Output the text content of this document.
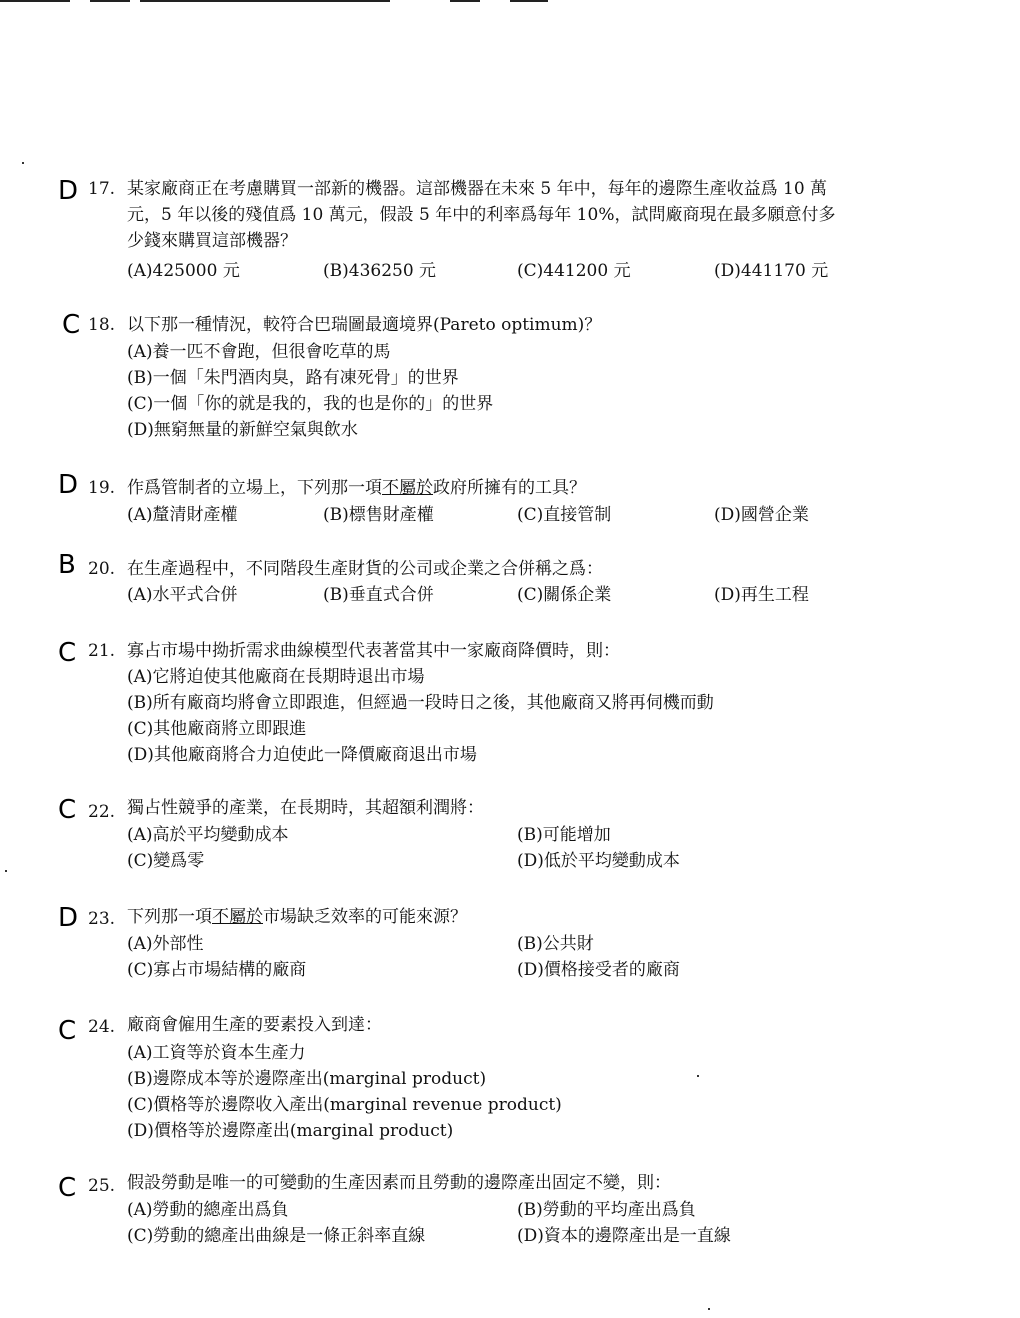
D 17. 某家廠商正在考慮購買一部新的機器。這部機器在未來 5 年中，每年的邊際生產收益爲 10 萬
元，5 年以後的殘值爲 10 萬元，假設 5 年中的利率爲每年 10%，試問廠商現在最多願意付多
少錢來購買這部機器？
(A)425000 元	(B)436250 元	(C)441200 元	(D)441170 元
C 18. 以下那一種情況，較符合巴瑞圖最適境界(Pareto optimum)？
(A)養一匹不會跑，但很會吃草的馬
(B)一個「朱門酒肉臭，路有凍死骨」的世界
(C)一個「你的就是我的，我的也是你的」的世界
(D)無窮無量的新鮮空氣與飲水
D 19. 作爲管制者的立場上，下列那一項不屬於政府所擁有的工具？
(A)釐清財產權	(B)標售財產權	(C)直接管制	(D)國營企業
B 20. 在生產過程中，不同階段生產財貨的公司或企業之合併稱之爲：
(A)水平式合併	(B)垂直式合併	(C)關係企業	(D)再生工程
C 21. 寡占市場中拗折需求曲線模型代表著當其中一家廠商降價時，則：
(A)它將迫使其他廠商在長期時退出市場
(B)所有廠商均將會立即跟進，但經過一段時日之後，其他廠商又將再伺機而動
(C)其他廠商將立即跟進
(D)其他廠商將合力迫使此一降價廠商退出市場
C 22. 獨占性競爭的產業，在長期時，其超額利潤將：
(A)高於平均變動成本	(B)可能增加
(C)變爲零	(D)低於平均變動成本
D 23. 下列那一項不屬於市場缺乏效率的可能來源？
(A)外部性	(B)公共財
(C)寡占市場結構的廠商	(D)價格接受者的廠商
C 24. 廠商會僱用生產的要素投入到達：
(A)工資等於資本生產力
(B)邊際成本等於邊際產出(marginal product)
(C)價格等於邊際收入產出(marginal revenue product)
(D)價格等於邊際產出(marginal product)
C 25. 假設勞動是唯一的可變動的生產因素而且勞動的邊際產出固定不變，則：
(A)勞動的總產出爲負	(B)勞動的平均產出爲負
(C)勞動的總產出曲線是一條正斜率直線	(D)資本的邊際產出是一直線
